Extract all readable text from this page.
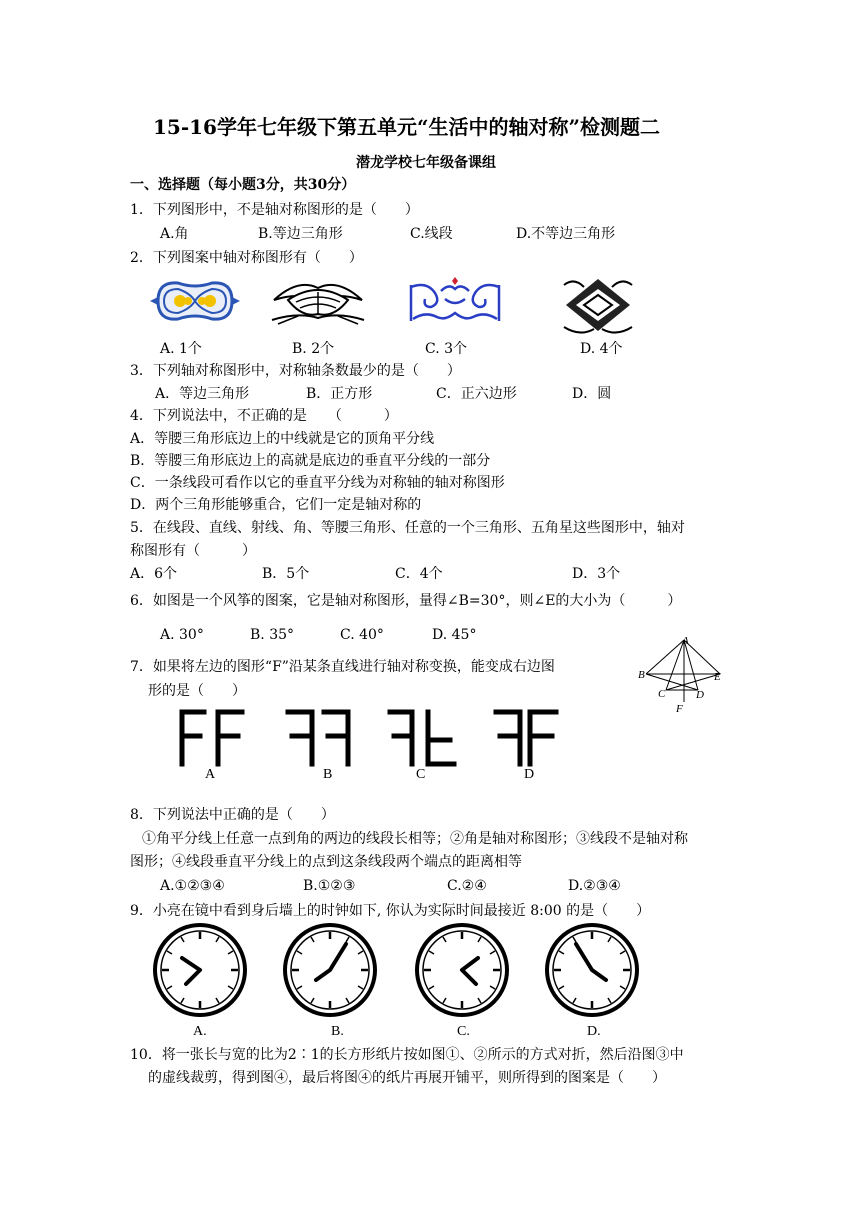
15-16学年七年级下第五单元“生活中的轴对称”检测题二
潜龙学校七年级备课组
一、选择题（每小题3分，共30分）
1．下列图形中，不是轴对称图形的是（　　）
A.角	B.等边三角形	C.线段	D.不等边三角形
2．下列图案中轴对称图形有（　　）
A. 1个	B. 2个	C. 3个	D. 4个
3．下列轴对称图形中，对称轴条数最少的是（　　）
A．等边三角形	B．正方形	C．正六边形	D．圆
4．下列说法中，不正确的是　　（　　　）
A．等腰三角形底边上的中线就是它的顶角平分线
B．等腰三角形底边上的高就是底边的垂直平分线的一部分
C．一条线段可看作以它的垂直平分线为对称轴的轴对称图形
D．两个三角形能够重合，它们一定是轴对称的
5．在线段、直线、射线、角、等腰三角形、任意的一个三角形、五角星这些图形中，轴对
称图形有（　　　）
A．6个	B．5个	C．4个	D．3个
6．如图是一个风筝的图案，它是轴对称图形，量得∠B=30°，则∠E的大小为（　　　）
A. 30°	B. 35°	C. 40°	D. 45°	A
B
C	D
E
F
7．如果将左边的图形“F”沿某条直线进行轴对称变换，能变成右边图
形的是（　　）
A	B	C	D
8．下列说法中正确的是（　　）
①角平分线上任意一点到角的两边的线段长相等；②角是轴对称图形；③线段不是轴对称
图形；④线段垂直平分线上的点到这条线段两个端点的距离相等
A.①②③④	B.①②③	C.②④	D.②③④
9．小亮在镜中看到身后墙上的时钟如下, 你认为实际时间最接近 8:00 的是（　　）
A.	B.	C.	D.
10．将一张长与宽的比为2∶1的长方形纸片按如图①、②所示的方式对折，然后沿图③中
的虚线裁剪，得到图④，最后将图④的纸片再展开铺平，则所得到的图案是（　　）
